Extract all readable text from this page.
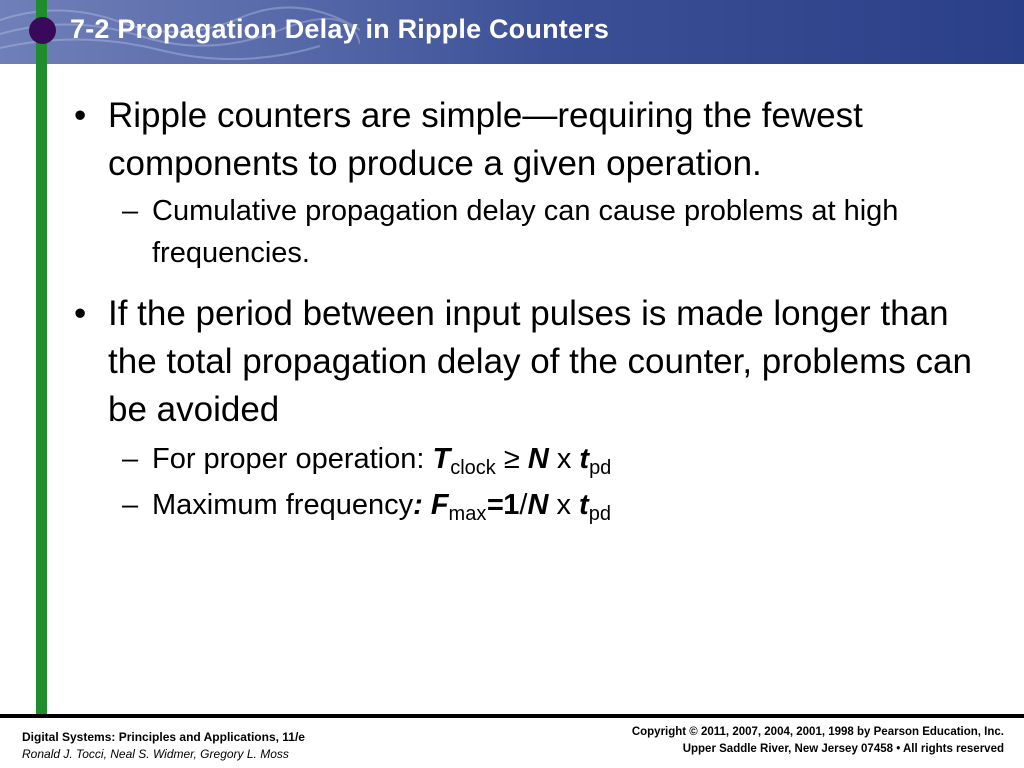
7-2 Propagation Delay in Ripple Counters
• Ripple counters are simple—requiring the fewest components to produce a given operation.
– Cumulative propagation delay can cause problems at high frequencies.
• If the period between input pulses is made longer than the total propagation delay of the counter, problems can be avoided
– For proper operation: $T_{clock} \ge N$ x $t_{pd}$
– Maximum frequency: $F_{max}=1/N$ x $t_{pd}$
Digital Systems: Principles and Applications, 11/e
Ronald J. Tocci, Neal S. Widmer, Gregory L. Moss
Copyright © 2011, 2007, 2004, 2001, 1998 by Pearson Education, Inc.
Upper Saddle River, New Jersey 07458 • All rights reserved
